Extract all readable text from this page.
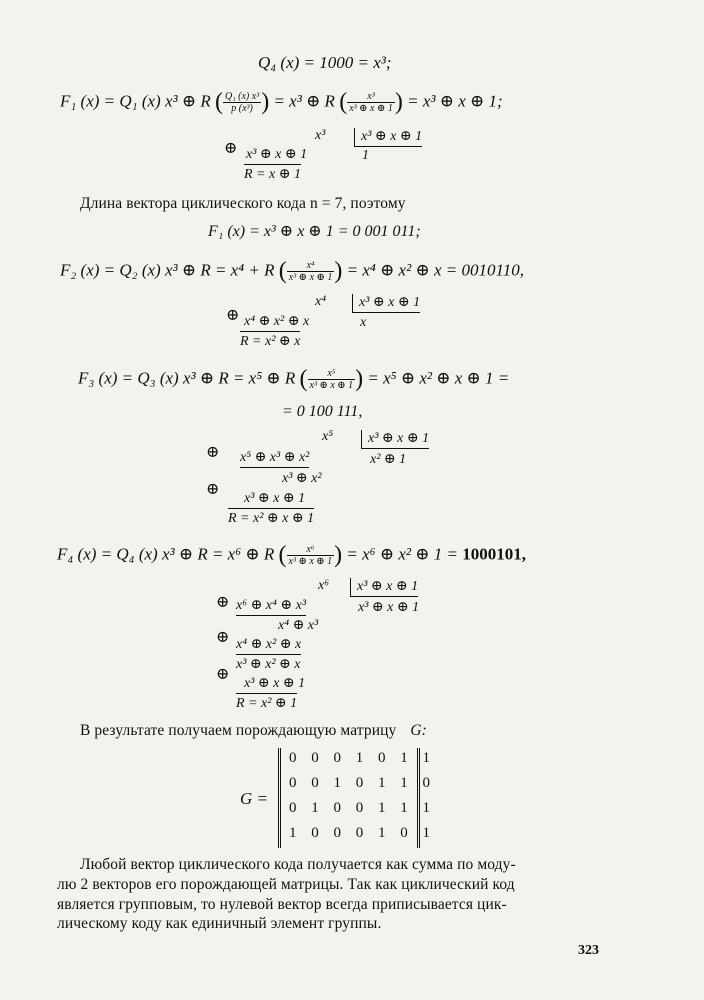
Q₄ (x) = 1000 = x³;
F₁ (x) = Q₁ (x) x³ ⊕ R ( $\frac{\text{Q₁ (x) x³}}{\text{p (x³)}}$ ) = x³ ⊕ R ( $\frac{\text{x³}}{\text{x³ ⊕ x ⊕ 1}}$ ) = x³ ⊕ x ⊕ 1;
⊕
x³	x³ ⊕ x ⊕ 1
x³ ⊕ x ⊕ 1	1
R = x ⊕ 1
Длина вектора циклического кода n = 7, поэтому
F₁ (x) = x³ ⊕ x ⊕ 1 = 0 001 011;
F₂ (x) = Q₂ (x) x³ ⊕ R = x⁴ + R ( $\frac{\text{x⁴}}{\text{x³ ⊕ x ⊕ 1}}$ ) = x⁴ ⊕ x² ⊕ x = 0010110,
⊕
x⁴	x³ ⊕ x ⊕ 1
x⁴ ⊕ x² ⊕ x	x
R = x² ⊕ x
F₃ (x) = Q₃ (x) x³ ⊕ R = x⁵ ⊕ R ( $\frac{\text{x⁵}}{\text{x³ ⊕ x ⊕ 1}}$ ) = x⁵ ⊕ x² ⊕ x ⊕ 1 =
= 0 100 111,
⊕
x⁵	x³ ⊕ x ⊕ 1
x⁵ ⊕ x³ ⊕ x²	x² ⊕ 1
x³ ⊕ x²
⊕
x³ ⊕ x ⊕ 1
R = x² ⊕ x ⊕ 1
F₄ (x) = Q₄ (x) x³ ⊕ R = x⁶ ⊕ R ( $\frac{\text{x⁶}}{\text{x³ ⊕ x ⊕ 1}}$ ) = x⁶ ⊕ x² ⊕ 1 = 1000101,
⊕
x⁶	x³ ⊕ x ⊕ 1
x⁶ ⊕ x⁴ ⊕ x³	x³ ⊕ x ⊕ 1
x⁴ ⊕ x³
⊕ x⁴ ⊕ x² ⊕ x
x³ ⊕ x² ⊕ x
⊕
x³ ⊕ x ⊕ 1
R = x² ⊕ 1
В результате получаем порождающую матрицу G:
G =
0 0 0 1 0 1 1
0 0 1 0 1 1 0
0 1 0 0 1 1 1
1 0 0 0 1 0 1
Любой вектор циклического кода получается как сумма по моду-
лю 2 векторов его порождающей матрицы. Так как циклический код
является групповым, то нулевой вектор всегда приписывается цик-
лическому коду как единичный элемент группы.
323
